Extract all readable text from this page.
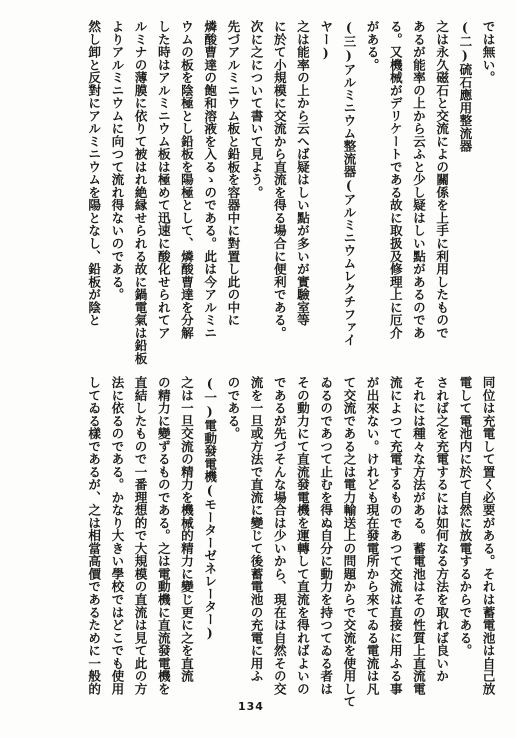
では無い。
(二)硫石應用整流器
之は永久磁石と交流によの關係を上手に利用したもので
あるが能率の上から云ふと少し疑はしい點があるのであ
る。又機械がデリケートである故に取扱及修理上に厄介
がある。
(三)アルミニウム整流器(アルミニウムレクチファイ
ヤー)
之は能率の上から云へば疑はしい點が多いが實驗室等
に於て小規模に交流から直流を得る場合に便利である。
次に之について書いて見よう。
先づアルミニウム板と鉛板を容器中に對置し此の中に
燐酸曹達の飽和溶液を入るゝのである。此は今アルミニ
ウムの板を陰極とし鉛板を陽極として、燐酸曹達を分解
した時はアルミニウム板は極めて迅速に酸化せられてア
ルミナの薄膜に依りて被はれ絶縁せられる故に鍋電氣は鉛板
よりアルミニウムに向つて流れ得ないのである。
然し卸と反對にアルミニウムを陽となし、鉛板が陰と
同位は充電して置く必要がある。それは蓄電池は自己放
電して電池内に於て自然に放電するからである。
されば之を充電するには如何なる方法を取れば良いか
それには種々な方法がある。蓄電池はその性質上直流電
流によつて充電するものであつて交流は直接に用ふる事
が出來ない。けれども現在發電所から來てゐる電流は凡
て交流である之は電力輸送上の問題からで交流を使用して
ゐるのであつて止むを得ぬ自分に動力を持つてゐる者は
その動力にて直流發電機を運轉して直流を得ればよいの
であるが先づそんな場合は少いから、現在は自然その交
流を一旦或方法で直流に變じて後蓄電池の充電に用ふ
のである。
(一)電動發電機(モーターゼネレーター)
之は一旦交流の精力を機械的精力に變じ更に之を直流
の精力に變ずるものである。之は電動機に直流發電機を
直結したもので一番理想的で大規模の直流は見て此の方
法に依るのである。かなり大きい學校ではどこでも使用
してゐる樣であるが、之は相當高價であるために一般的
134
